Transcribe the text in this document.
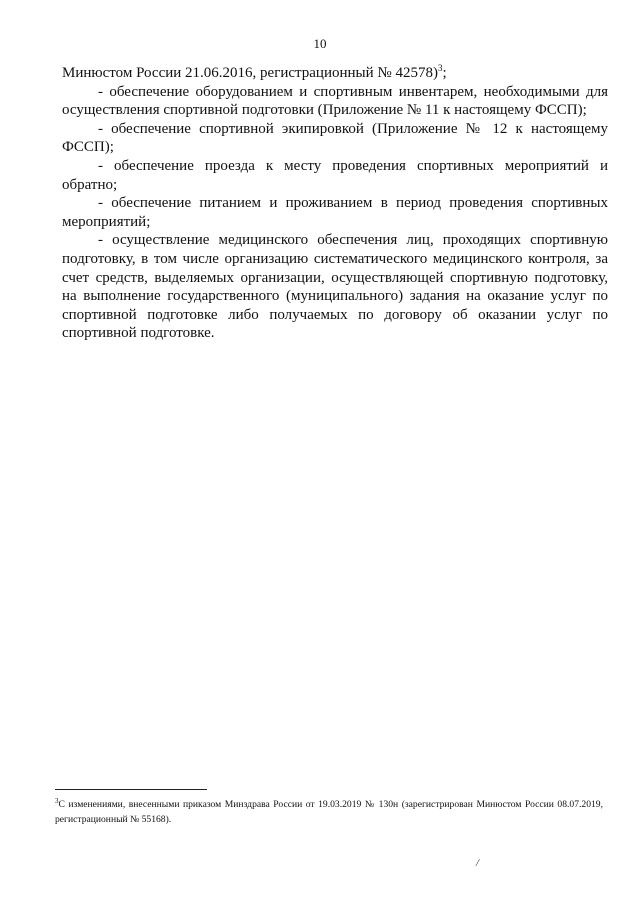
10

Минюстом России 21.06.2016, регистрационный № 42578)$^3$;

- обеспечение оборудованием и спортивным инвентарем, необходимыми для осуществления спортивной подготовки (Приложение № 11 к настоящему ФССП);

- обеспечение спортивной экипировкой (Приложение № 12 к настоящему ФССП);

- обеспечение проезда к месту проведения спортивных мероприятий и обратно;

- обеспечение питанием и проживанием в период проведения спортивных мероприятий;

- осуществление медицинского обеспечения лиц, проходящих спортивную подготовку, в том числе организацию систематического медицинского контроля, за счет средств, выделяемых организации, осуществляющей спортивную подготовку, на выполнение государственного (муниципального) задания на оказание услуг по спортивной подготовке либо получаемых по договору об оказании услуг по спортивной подготовке.

$^3$С изменениями, внесенными приказом Минздрава России от 19.03.2019 № 130н (зарегистрирован Минюстом России 08.07.2019, регистрационный № 55168).
/
